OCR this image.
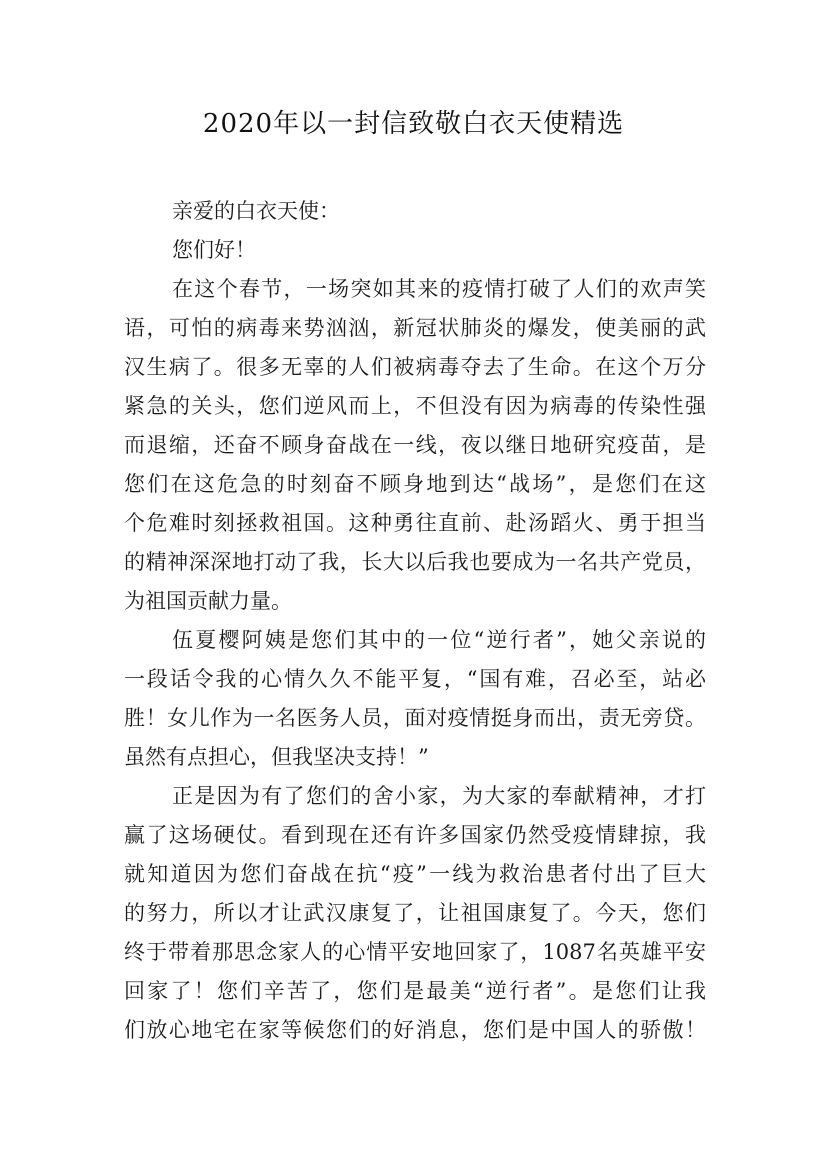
2020年以一封信致敬白衣天使精选
亲爱的白衣天使：
您们好！
在这个春节，一场突如其来的疫情打破了人们的欢声笑
语，可怕的病毒来势汹汹，新冠状肺炎的爆发，使美丽的武
汉生病了。很多无辜的人们被病毒夺去了生命。在这个万分
紧急的关头，您们逆风而上，不但没有因为病毒的传染性强
而退缩，还奋不顾身奋战在一线，夜以继日地研究疫苗，是
您们在这危急的时刻奋不顾身地到达“战场”，是您们在这
个危难时刻拯救祖国。这种勇往直前、赴汤蹈火、勇于担当
的精神深深地打动了我，长大以后我也要成为一名共产党员，
为祖国贡献力量。
伍夏樱阿姨是您们其中的一位“逆行者”，她父亲说的
一段话令我的心情久久不能平复，“国有难，召必至，站必
胜！女儿作为一名医务人员，面对疫情挺身而出，责无旁贷。
虽然有点担心，但我坚决支持！”
正是因为有了您们的舍小家，为大家的奉献精神，才打
赢了这场硬仗。看到现在还有许多国家仍然受疫情肆掠，我
就知道因为您们奋战在抗“疫”一线为救治患者付出了巨大
的努力，所以才让武汉康复了，让祖国康复了。今天，您们
终于带着那思念家人的心情平安地回家了，1087名英雄平安
回家了！您们辛苦了，您们是最美“逆行者”。是您们让我
们放心地宅在家等候您们的好消息，您们是中国人的骄傲！
